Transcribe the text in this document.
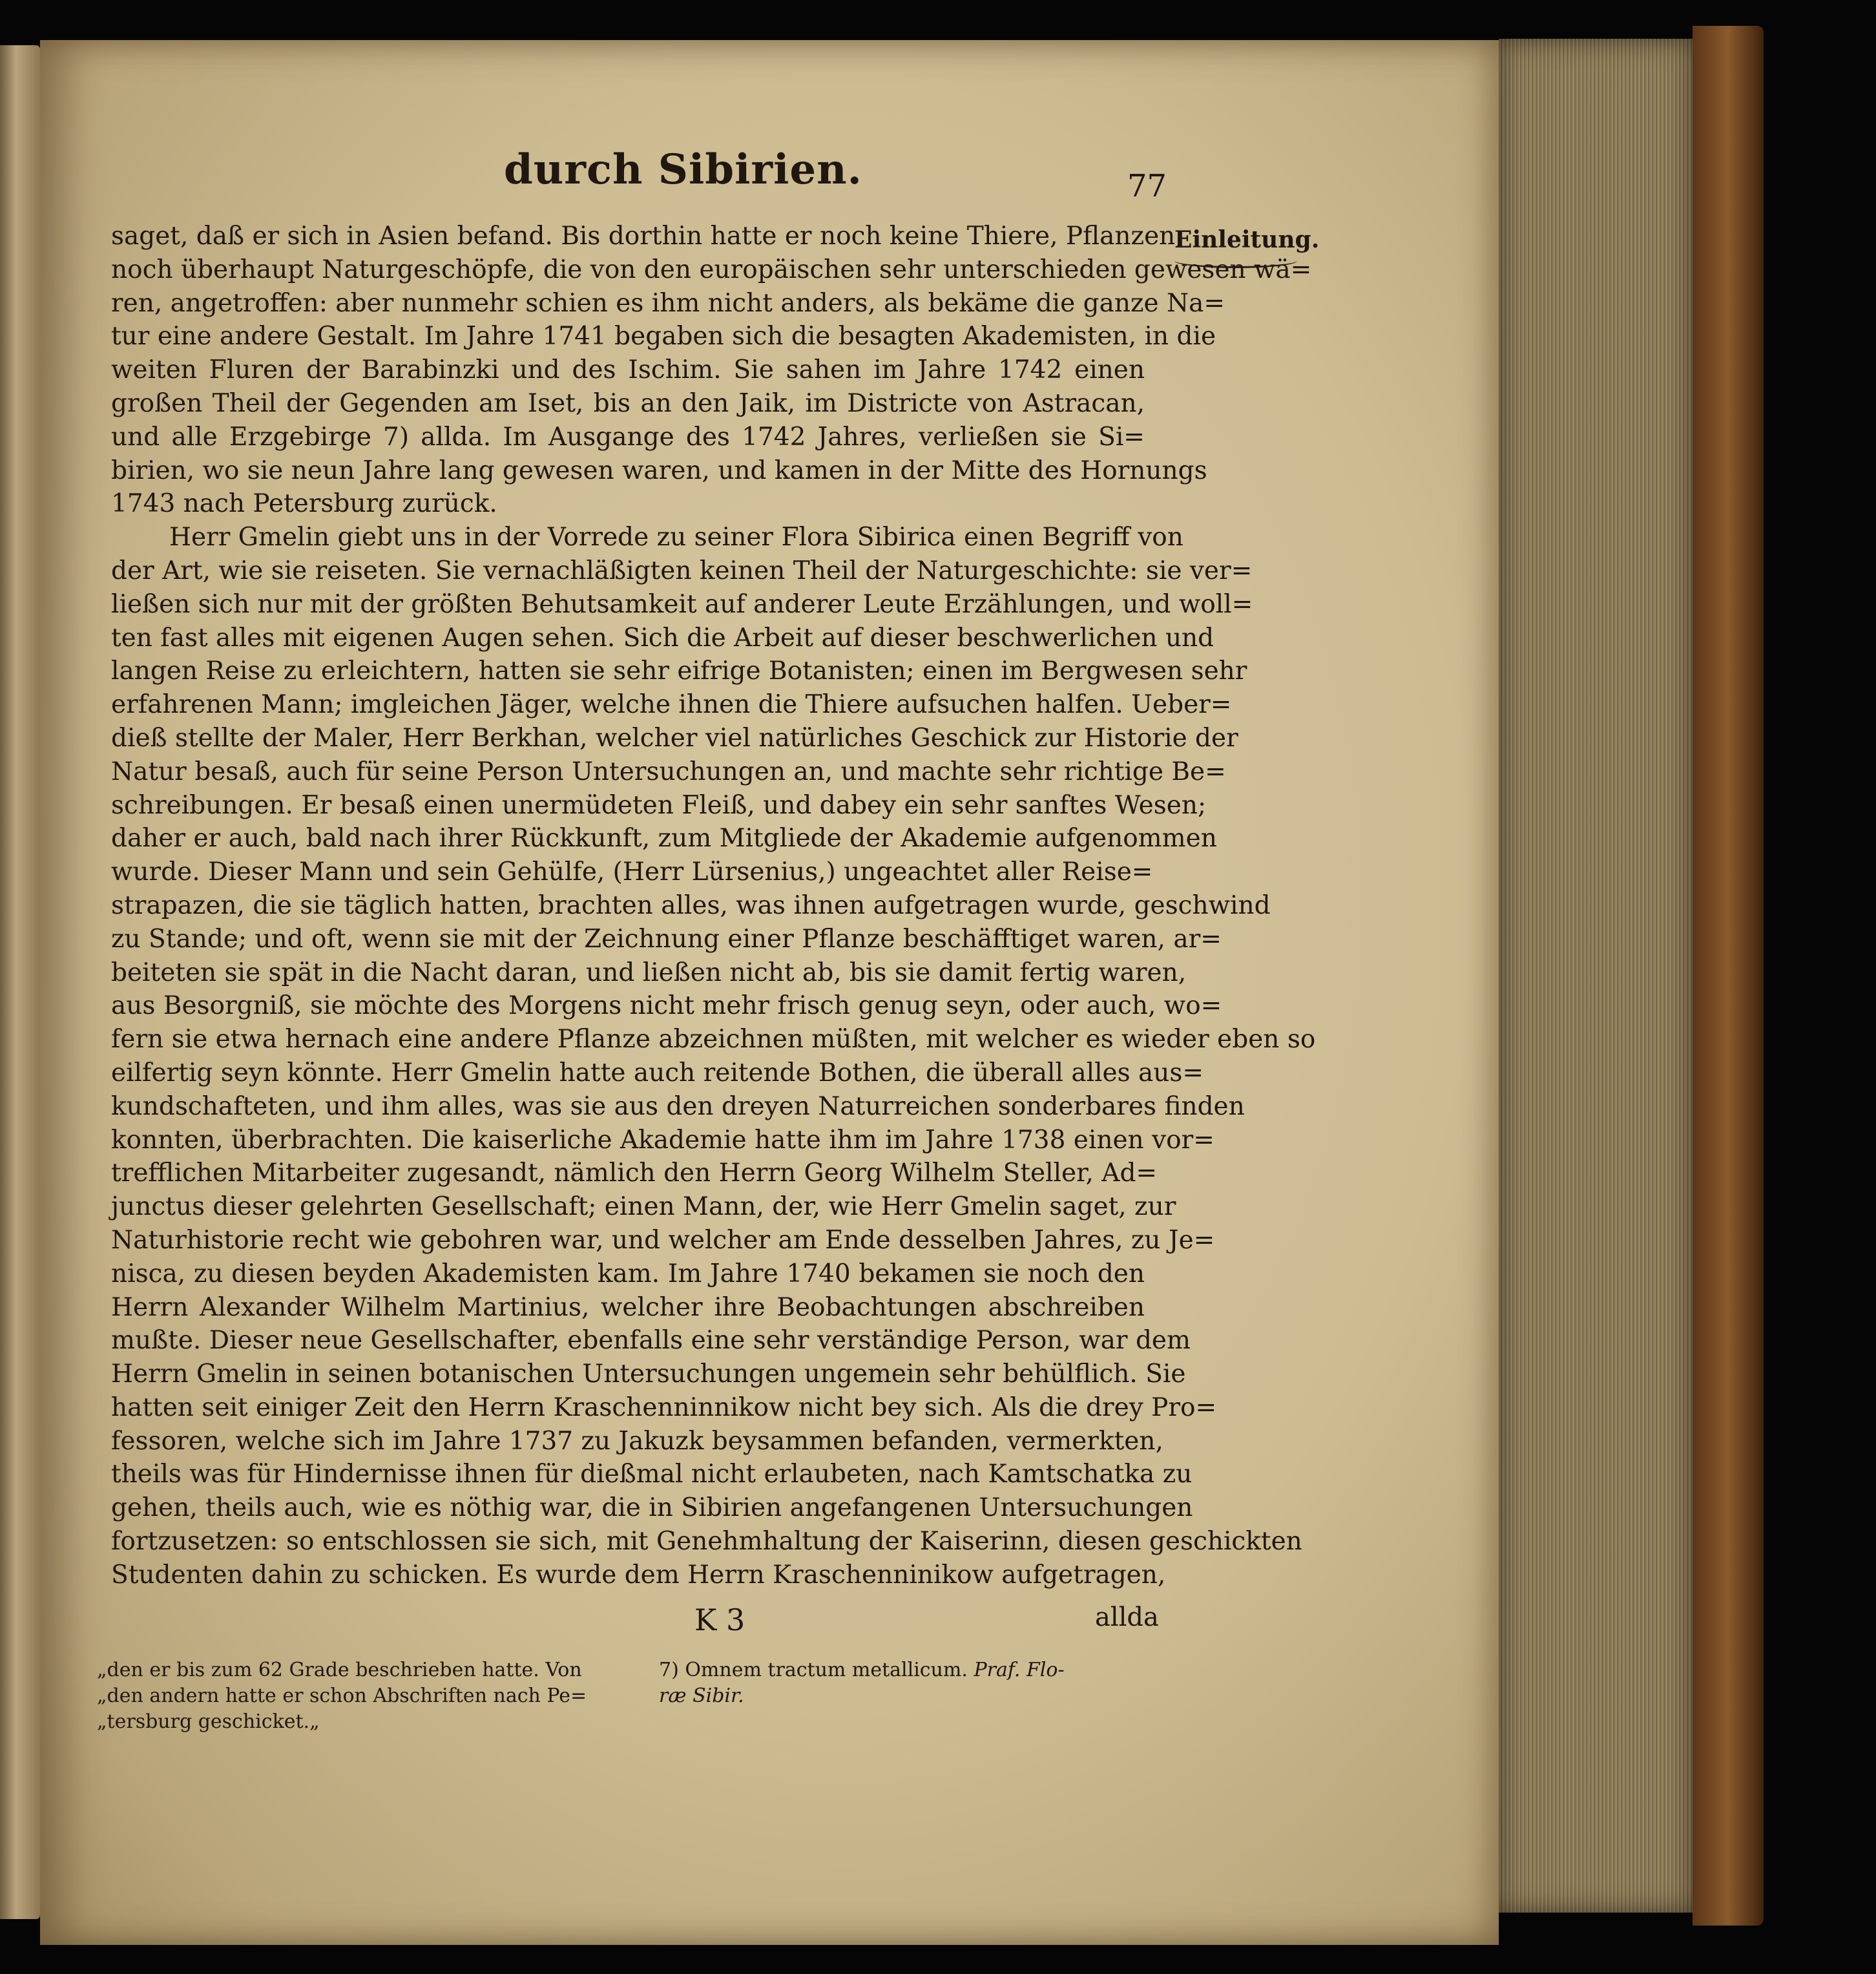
durch Sibirien.	77
Einleitung.
saget, daß er sich in Asien befand. Bis dorthin hatte er noch keine Thiere, Pflanzen,
noch überhaupt Naturgeschöpfe, die von den europäischen sehr unterschieden gewesen wä=
ren, angetroffen: aber nunmehr schien es ihm nicht anders, als bekäme die ganze Na=
tur eine andere Gestalt. Im Jahre 1741 begaben sich die besagten Akademisten, in die
weiten Fluren der Barabinzki und des Ischim. Sie sahen im Jahre 1742 einen
großen Theil der Gegenden am Iset, bis an den Jaik, im Districte von Astracan,
und alle Erzgebirge 7) allda. Im Ausgange des 1742 Jahres, verließen sie Si=
birien, wo sie neun Jahre lang gewesen waren, und kamen in der Mitte des Hornungs
1743 nach Petersburg zurück.
Herr Gmelin giebt uns in der Vorrede zu seiner Flora Sibirica einen Begriff von
der Art, wie sie reiseten. Sie vernachläßigten keinen Theil der Naturgeschichte: sie ver=
ließen sich nur mit der größten Behutsamkeit auf anderer Leute Erzählungen, und woll=
ten fast alles mit eigenen Augen sehen. Sich die Arbeit auf dieser beschwerlichen und
langen Reise zu erleichtern, hatten sie sehr eifrige Botanisten; einen im Bergwesen sehr
erfahrenen Mann; imgleichen Jäger, welche ihnen die Thiere aufsuchen halfen. Ueber=
dieß stellte der Maler, Herr Berkhan, welcher viel natürliches Geschick zur Historie der
Natur besaß, auch für seine Person Untersuchungen an, und machte sehr richtige Be=
schreibungen. Er besaß einen unermüdeten Fleiß, und dabey ein sehr sanftes Wesen;
daher er auch, bald nach ihrer Rückkunft, zum Mitgliede der Akademie aufgenommen
wurde. Dieser Mann und sein Gehülfe, (Herr Lürsenius,) ungeachtet aller Reise=
strapazen, die sie täglich hatten, brachten alles, was ihnen aufgetragen wurde, geschwind
zu Stande; und oft, wenn sie mit der Zeichnung einer Pflanze beschäfftiget waren, ar=
beiteten sie spät in die Nacht daran, und ließen nicht ab, bis sie damit fertig waren,
aus Besorgniß, sie möchte des Morgens nicht mehr frisch genug seyn, oder auch, wo=
fern sie etwa hernach eine andere Pflanze abzeichnen müßten, mit welcher es wieder eben so
eilfertig seyn könnte. Herr Gmelin hatte auch reitende Bothen, die überall alles aus=
kundschafteten, und ihm alles, was sie aus den dreyen Naturreichen sonderbares finden
konnten, überbrachten. Die kaiserliche Akademie hatte ihm im Jahre 1738 einen vor=
trefflichen Mitarbeiter zugesandt, nämlich den Herrn Georg Wilhelm Steller, Ad=
junctus dieser gelehrten Gesellschaft; einen Mann, der, wie Herr Gmelin saget, zur
Naturhistorie recht wie gebohren war, und welcher am Ende desselben Jahres, zu Je=
nisca, zu diesen beyden Akademisten kam. Im Jahre 1740 bekamen sie noch den
Herrn Alexander Wilhelm Martinius, welcher ihre Beobachtungen abschreiben
mußte. Dieser neue Gesellschafter, ebenfalls eine sehr verständige Person, war dem
Herrn Gmelin in seinen botanischen Untersuchungen ungemein sehr behülflich. Sie
hatten seit einiger Zeit den Herrn Kraschenninnikow nicht bey sich. Als die drey Pro=
fessoren, welche sich im Jahre 1737 zu Jakuzk beysammen befanden, vermerkten,
theils was für Hindernisse ihnen für dießmal nicht erlaubeten, nach Kamtschatka zu
gehen, theils auch, wie es nöthig war, die in Sibirien angefangenen Untersuchungen
fortzusetzen: so entschlossen sie sich, mit Genehmhaltung der Kaiserinn, diesen geschickten
Studenten dahin zu schicken. Es wurde dem Herrn Kraschenninikow aufgetragen,
K 3	allda
„den er bis zum 62 Grade beschrieben hatte. Von
„den andern hatte er schon Abschriften nach Pe=
„tersburg geschicket.„
7) Omnem tractum metallicum. Praf. Flo-
ræ Sibir.
